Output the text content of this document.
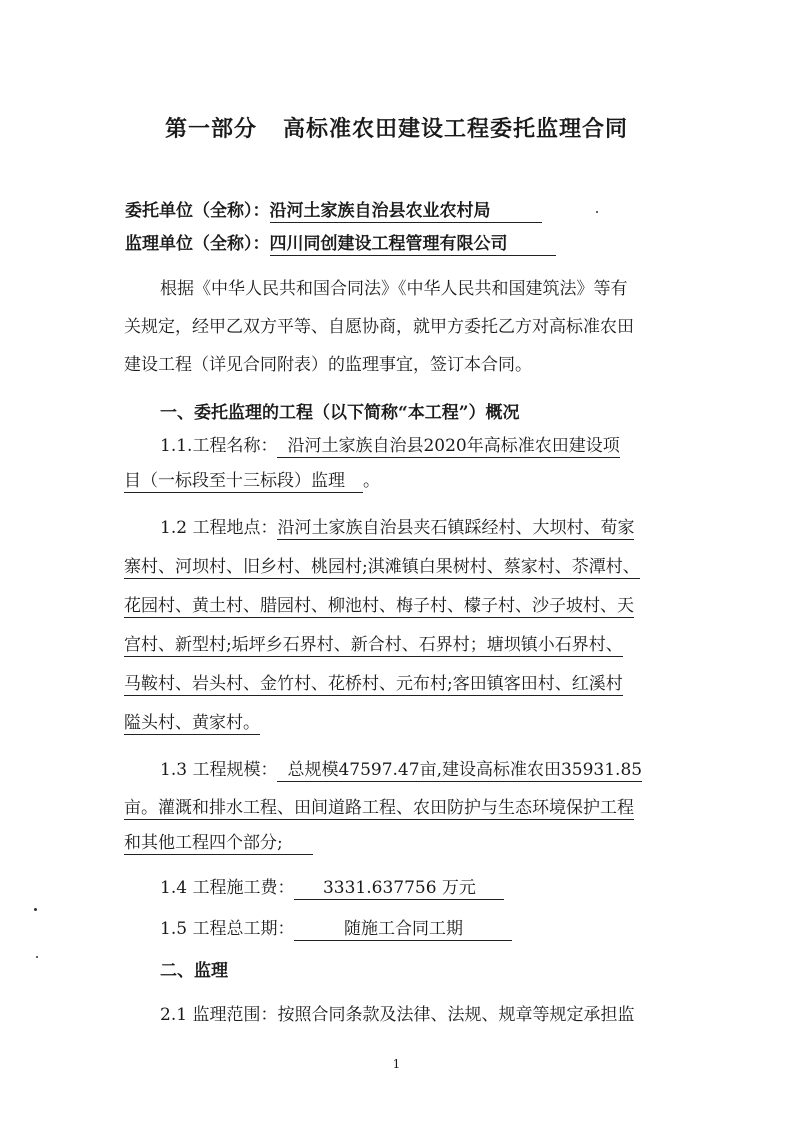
第一部分 高标准农田建设工程委托监理合同
委托单位（全称）：沿河土家族自治县农业农村局
监理单位（全称）：四川同创建设工程管理有限公司
根据《中华人民共和国合同法》《中华人民共和国建筑法》等有
关规定，经甲乙双方平等、自愿协商，就甲方委托乙方对高标准农田
建设工程（详见合同附表）的监理事宜，签订本合同。
一、委托监理的工程（以下简称“本工程”）概况
1.1.工程名称： 沿河土家族自治县2020年高标准农田建设项
目（一标段至十三标段）监理 。
1.2 工程地点：沿河土家族自治县夹石镇踩经村、大坝村、荀家
寨村、河坝村、旧乡村、桃园村;淇滩镇白果树村、蔡家村、苶潭村、
花园村、黄土村、腊园村、柳池村、梅子村、檬子村、沙子坡村、天
宫村、新型村;垢坪乡石界村、新合村、石界村；塘坝镇小石界村、
马鞍村、岩头村、金竹村、花桥村、元布村;客田镇客田村、红溪村
隘头村、黄家村。
1.3 工程规模： 总规模47597.47亩,建设高标准农田35931.85
亩。灌溉和排水工程、田间道路工程、农田防护与生态环境保护工程
和其他工程四个部分;
1.4 工程施工费： 3331.637756 万元
1.5 工程总工期：	随施工合同工期
二、监理
2.1 监理范围：按照合同条款及法律、法规、规章等规定承担监
1
